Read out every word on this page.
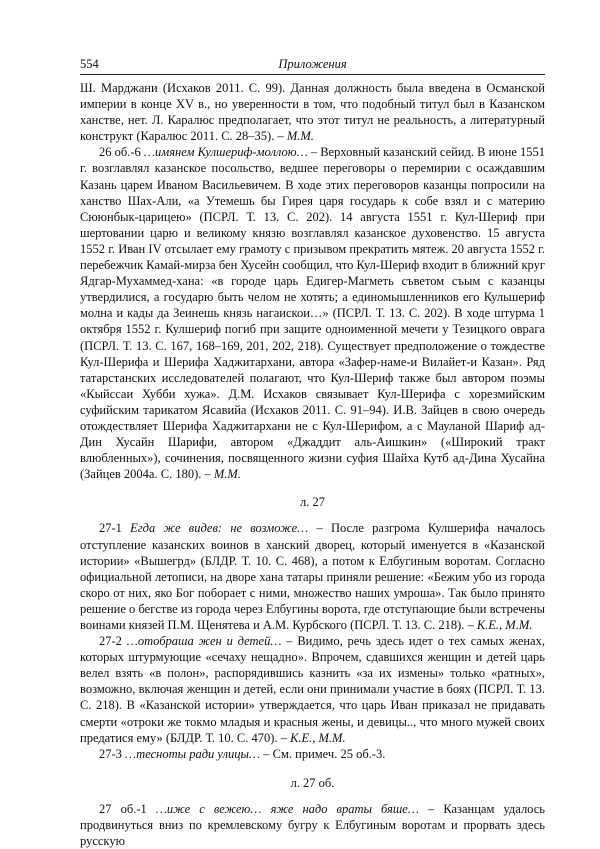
554	Приложения

Ш. Марджани (Исхаков 2011. С. 99). Данная должность была введена в Османской империи в конце XV в., но уверенности в том, что подобный титул был в Казанском ханстве, нет. Л. Каралюс предполагает, что этот титул не реальность, а литературный конструкт (Каралюс 2011. С. 28–35). – М.М.

26 об.-6 …имянем Кулшериф-моллою… – Верховный казанский сейид. В июне 1551 г. возглавлял казанское посольство, ведшее переговоры о перемирии с осаждавшим Казань царем Иваном Васильевичем. В ходе этих переговоров казанцы попросили на ханство Шах-Али, «а Утемешь бы Гирея царя государь к собе взял и с материю Сююнбык-царицею» (ПСРЛ. Т. 13. С. 202). 14 августа 1551 г. Кул-Шериф при шертовании царю и великому князю возглавлял казанское духовенство. 15 августа 1552 г. Иван IV отсылает ему грамоту с призывом прекратить мятеж. 20 августа 1552 г. перебежчик Камай-мирза бен Хусейн сообщил, что Кул-Шериф входит в ближний круг Ядгар-Мухаммед-хана: «в городе царь Едигер-Магметь съветом съым с казанцы утвердилися, а государю быть челом не хотять; а единомышленников его Кульшериф молна и кады да Зеинешь князь нагаискои…» (ПСРЛ. Т. 13. С. 202). В ходе штурма 1 октября 1552 г. Кулшериф погиб при защите одноименной мечети у Тезицкого оврага (ПСРЛ. Т. 13. С. 167, 168–169, 201, 202, 218). Существует предположение о тождестве Кул-Шерифа и Шерифа Хаджитархани, автора «Зафер-наме-и Вилайет-и Казан». Ряд татарстанских исследователей полагают, что Кул-Шериф также был автором поэмы «Кыйссаи Хубби хужа». Д.М. Исхаков связывает Кул-Шерифа с хорезмийским суфийским тарикатом Ясавийа (Исхаков 2011. С. 91–94). И.В. Зайцев в свою очередь отождествляет Шерифа Хаджитархани не с Кул-Шерифом, а с Мауланой Шариф ад-Дин Хусайн Шарифи, автором «Джаддит аль-Аишкин» («Широкий тракт влюбленных»), сочинения, посвященного жизни суфия Шайха Кутб ад-Дина Хусайна (Зайцев 2004а. С. 180). – М.М.

л. 27

27-1 Егда же видев: не возможе… – После разгрома Кулшерифа началось отступление казанских воинов в ханский дворец, который именуется в «Казанской истории» «Вышегрд» (БЛДР. Т. 10. С. 468), а потом к Елбугиным воротам. Согласно официальной летописи, на дворе хана татары приняли решение: «Бежим убо из города скоро от них, яко Бог поборает с ними, множество наших умроша». Так было принято решение о бегстве из города через Елбугины ворота, где отступающие были встречены воинами князей П.М. Щенятева и А.М. Курбского (ПСРЛ. Т. 13. С. 218). – К.Е., М.М.

27-2 …отобраша жен и детей… – Видимо, речь здесь идет о тех самых женах, которых штурмующие «сечаху нещадно». Впрочем, сдавшихся женщин и детей царь велел взять «в полон», распорядившись казнить «за их измены» только «ратных», возможно, включая женщин и детей, если они принимали участие в боях (ПСРЛ. Т. 13. С. 218). В «Казанской истории» утверждается, что царь Иван приказал не придавать смерти «отроки же токмо младыя и красныя жены, и девицы.., что много мужей своих предатися ему» (БЛДР. Т. 10. С. 470). – К.Е., М.М.

27-3 …тесноты ради улицы… – См. примеч. 25 об.-3.

л. 27 об.

27 об.-1 …иже с вежею… яже надо враты бяше… – Казанцам удалось продвинуться вниз по кремлевскому бугру к Елбугиным воротам и прорвать здесь русскую
